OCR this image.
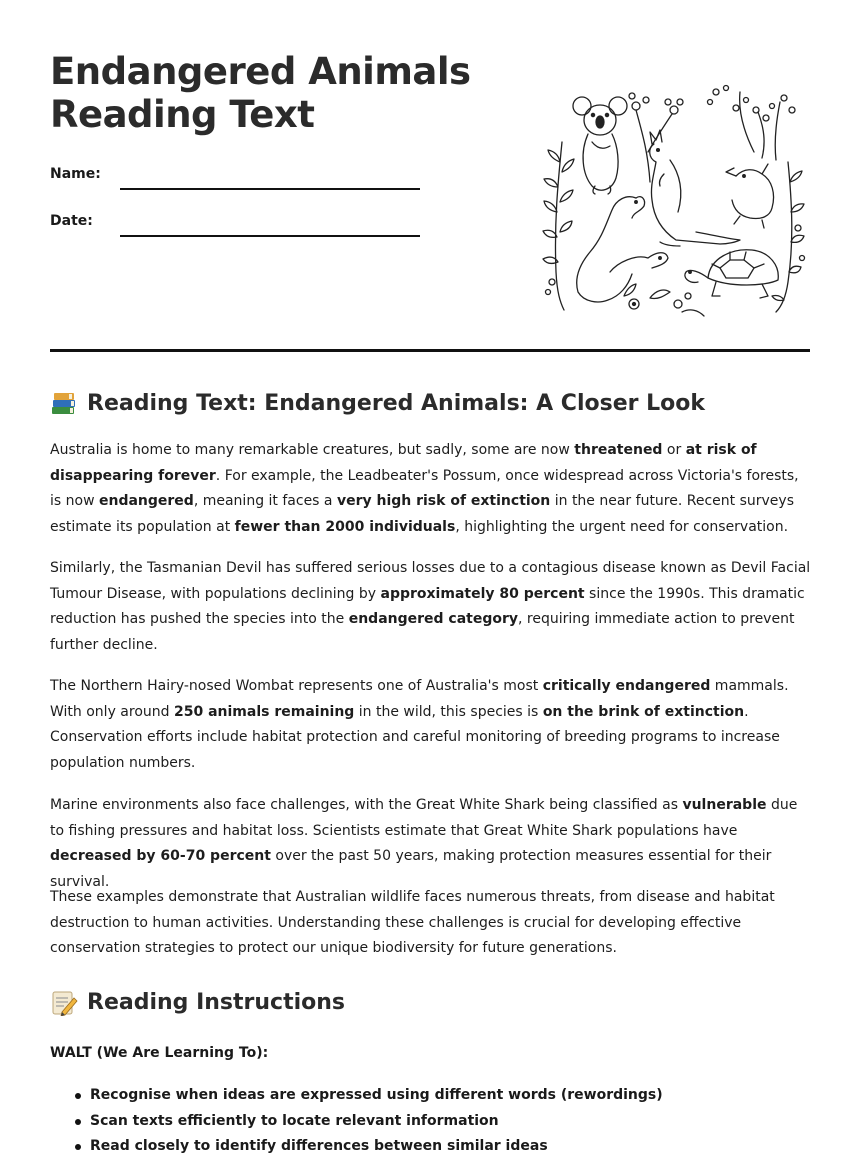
Endangered Animals
Reading Text
Name:
Date:
Reading Text: Endangered Animals: A Closer Look

Australia is home to many remarkable creatures, but sadly, some are now threatened or at risk of disappearing forever. For example, the Leadbeater's Possum, once widespread across Victoria's forests, is now endangered, meaning it faces a very high risk of extinction in the near future. Recent surveys estimate its population at fewer than 2000 individuals, highlighting the urgent need for conservation.

Similarly, the Tasmanian Devil has suffered serious losses due to a contagious disease known as Devil Facial Tumour Disease, with populations declining by approximately 80 percent since the 1990s. This dramatic reduction has pushed the species into the endangered category, requiring immediate action to prevent further decline.

The Northern Hairy-nosed Wombat represents one of Australia's most critically endangered mammals. With only around 250 animals remaining in the wild, this species is on the brink of extinction. Conservation efforts include habitat protection and careful monitoring of breeding programs to increase population numbers.

Marine environments also face challenges, with the Great White Shark being classified as vulnerable due to fishing pressures and habitat loss. Scientists estimate that Great White Shark populations have decreased by 60-70 percent over the past 50 years, making protection measures essential for their survival.

These examples demonstrate that Australian wildlife faces numerous threats, from disease and habitat destruction to human activities. Understanding these challenges is crucial for developing effective conservation strategies to protect our unique biodiversity for future generations.

Reading Instructions
WALT (We Are Learning To):
Recognise when ideas are expressed using different words (rewordings)
Scan texts efficiently to locate relevant information
Read closely to identify differences between similar ideas
